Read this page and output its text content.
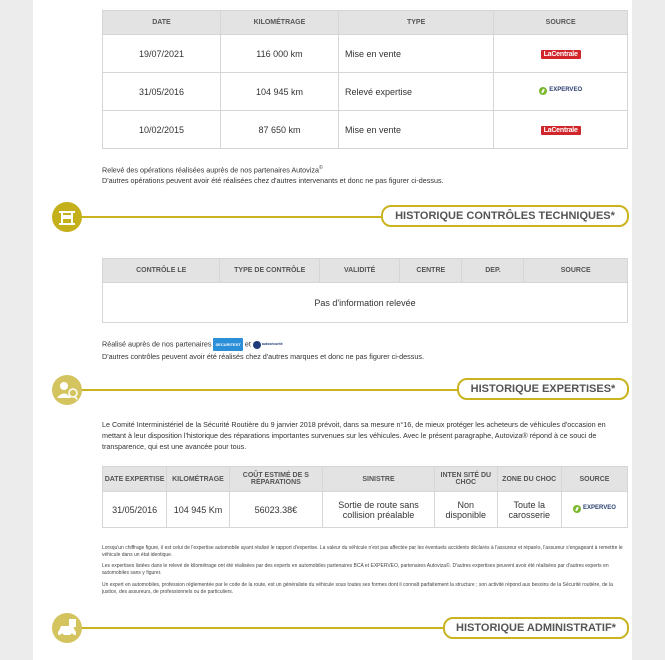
DATE	KILOMÉTRAGE	TYPE	SOURCE
19/07/2021	116 000 km	Mise en vente	LaCentrale
31/05/2016	104 945 km	Relevé expertise	EXPERVEO

10/02/2015	87 650 km	Mise en vente	LaCentrale
Relevé des opérations réalisées auprès de nos partenaires Autoviza©
D'autres opérations peuvent avoir été réalisées chez d'autres intervenants et donc ne pas figurer ci-dessus.
HISTORIQUE CONTRÔLES TECHNIQUES*
CONTRÔLE LE	TYPE DE CONTRÔLE	VALIDITÉ	CENTRE	DEP.	SOURCE
Pas d'information relevée
Réalisé auprès de nos partenaires SECURITEST et	autosécurité

D'autres contrôles peuvent avoir été réalisés chez d'autres marques et donc ne pas figurer ci-dessus.
HISTORIQUE EXPERTISES*
Le Comité Interministériel de la Sécurité Routière du 9 janvier 2018 prévoit, dans sa mesure n°16, de mieux protéger les acheteurs de véhicules d'occasion en mettant à leur disposition l'historique des réparations importantes survenues sur les véhicules. Avec le présent paragraphe, Autoviza® répond à ce souci de transparence, qui est une avancée pour tous.
DATE EXPERTISE	KILOMÉTRAGE	COÛT ESTIMÉ DE S RÉPARATIONS	SINISTRE	INTEN SITÉ DU CHOC	ZONE DU CHOC	SOURCE
31/05/2016	104 945 Km	56023.38€	Sortie de route sans collision préalable	Non disponible	Toute la carosserie	EXPERVEO
Lorsqu'un chiffrage figure, il est celui de l'expertise automobile ayant réalisé le rapport d'expertise. La valeur du véhicule n'est pas affectée par les éventuels accidents déclarés à l'assureur et réparés, l'assureur s'engageant à remettre le véhicule dans un état identique.
Les expertises listées dans le relevé de kilométrage ont été réalisées par des experts en automobiles partenaires BCA et EXPERVEO, partenaires Autoviza©. D'autres expertises peuvent avoir été réalisées par d'autres experts en automobiles sans y figurer.
Un expert en automobiles, profession réglementée par le code de la route, est un généraliste du véhicule sous toutes ses formes dont il connaît parfaitement la structure ; son activité répond aux besoins de la Sécurité routière, de la justice, des assureurs, de professionnels ou de particuliers.
HISTORIQUE ADMINISTRATIF*
